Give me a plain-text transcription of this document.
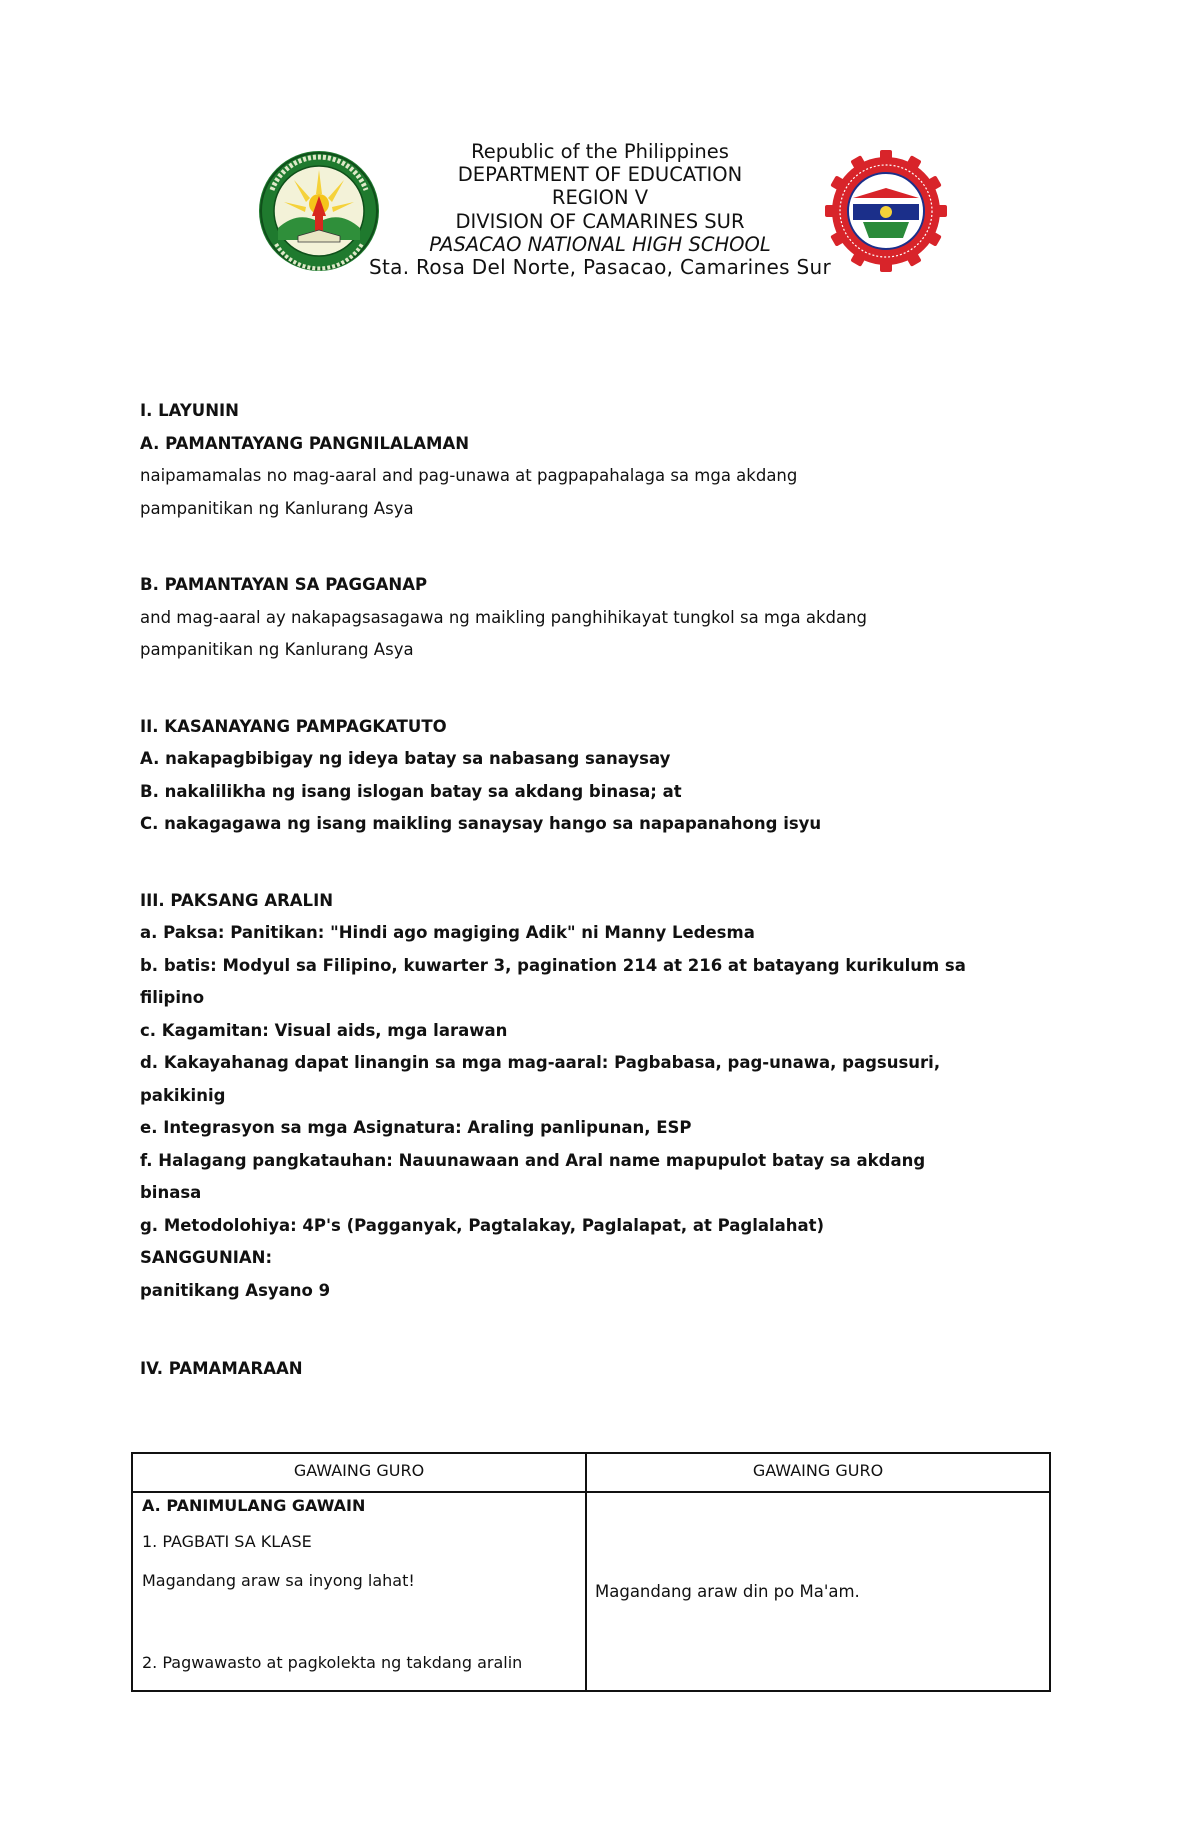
Republic of the Philippines
DEPARTMENT OF EDUCATION
REGION V
DIVISION OF CAMARINES SUR
PASACAO NATIONAL HIGH SCHOOL
Sta. Rosa Del Norte, Pasacao, Camarines Sur
I. LAYUNIN
A. PAMANTAYANG PANGNILALAMAN
naipamamalas no mag-aaral and pag-unawa at pagpapahalaga sa mga akdang
pampanitikan ng Kanlurang Asya
B. PAMANTAYAN SA PAGGANAP
and mag-aaral ay nakapagsasagawa ng maikling panghihikayat tungkol sa mga akdang
pampanitikan ng Kanlurang Asya
II. KASANAYANG PAMPAGKATUTO
A. nakapagbibigay ng ideya batay sa nabasang sanaysay
B. nakalilikha ng isang islogan batay sa akdang binasa; at
C. nakagagawa ng isang maikling sanaysay hango sa napapanahong isyu
III. PAKSANG ARALIN
a. Paksa: Panitikan: "Hindi ago magiging Adik" ni Manny Ledesma
b. batis: Modyul sa Filipino, kuwarter 3, pagination 214 at 216 at batayang kurikulum sa
filipino
c. Kagamitan: Visual aids, mga larawan
d. Kakayahanag dapat linangin sa mga mag-aaral: Pagbabasa, pag-unawa, pagsusuri,
pakikinig
e. Integrasyon sa mga Asignatura: Araling panlipunan, ESP
f. Halagang pangkatauhan: Nauunawaan and Aral name mapupulot batay sa akdang
binasa
g. Metodolohiya: 4P's (Pagganyak, Pagtalakay, Paglalapat, at Paglalahat)
SANGGUNIAN:
panitikang Asyano 9
IV. PAMAMARAAN
GAWAING GURO	GAWAING GURO
A. PANIMULANG GAWAIN
1. PAGBATI SA KLASE
Magandang araw sa inyong lahat!
2. Pagwawasto at pagkolekta ng takdang aralin
Magandang araw din po Ma'am.
